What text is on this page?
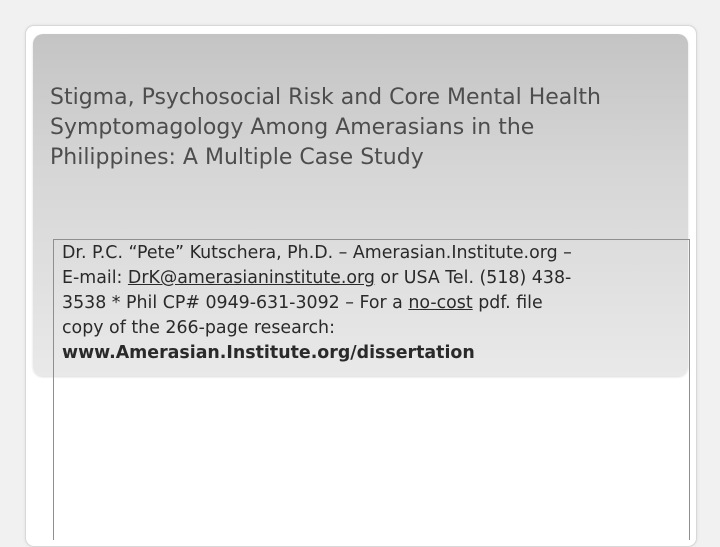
Stigma, Psychosocial Risk and Core Mental Health
Symptomagology Among Amerasians in the
Philippines: A Multiple Case Study

Dr. P.C. “Pete” Kutschera, Ph.D. – Amerasian.Institute.org –
E-mail: DrK@amerasianinstitute.org or USA Tel. (518) 438-
3538 * Phil CP# 0949-631-3092 – For a no-cost pdf. file
copy of the 266-page research: www.Amerasian.Institute.org/dissertation
